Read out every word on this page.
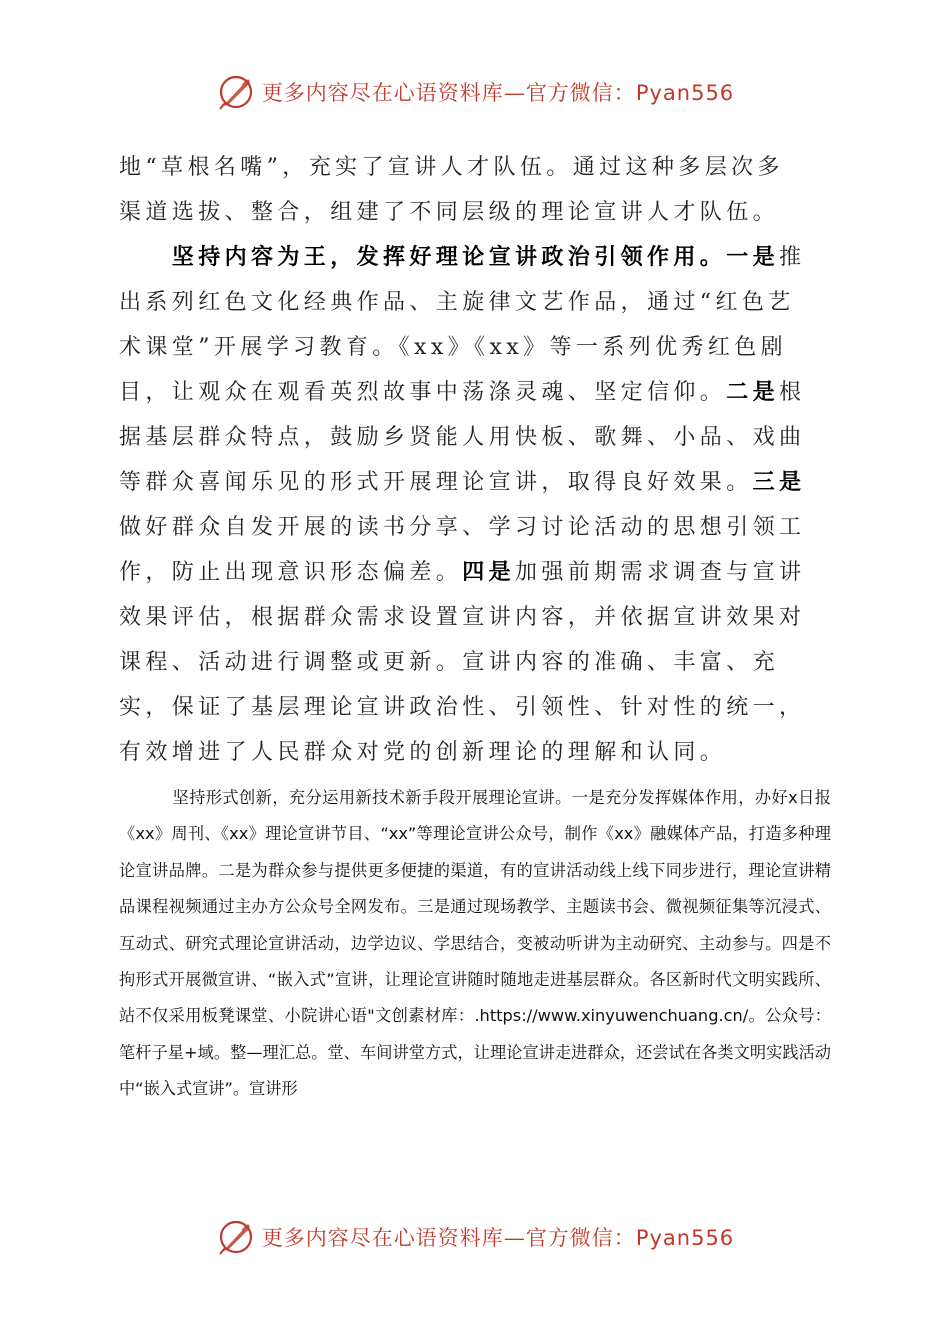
更多内容尽在心语资料库—官方微信：Pyan556

地“草根名嘴”，充实了宣讲人才队伍。通过这种多层次多渠道选拔、整合，组建了不同层级的理论宣讲人才队伍。

坚持内容为王，发挥好理论宣讲政治引领作用。一是推出系列红色文化经典作品、主旋律文艺作品，通过“红色艺术课堂”开展学习教育。《xx》《xx》等一系列优秀红色剧目，让观众在观看英烈故事中荡涤灵魂、坚定信仰。二是根据基层群众特点，鼓励乡贤能人用快板、歌舞、小品、戏曲等群众喜闻乐见的形式开展理论宣讲，取得良好效果。三是做好群众自发开展的读书分享、学习讨论活动的思想引领工作，防止出现意识形态偏差。四是加强前期需求调查与宣讲效果评估，根据群众需求设置宣讲内容，并依据宣讲效果对课程、活动进行调整或更新。宣讲内容的准确、丰富、充实，保证了基层理论宣讲政治性、引领性、针对性的统一，有效增进了人民群众对党的创新理论的理解和认同。

坚持形式创新，充分运用新技术新手段开展理论宣讲。一是充分发挥媒体作用，办好x日报《xx》周刊、《xx》理论宣讲节目、“xx”等理论宣讲公众号，制作《xx》融媒体产品，打造多种理论宣讲品牌。二是为群众参与提供更多便捷的渠道，有的宣讲活动线上线下同步进行，理论宣讲精品课程视频通过主办方公众号全网发布。三是通过现场教学、主题读书会、微视频征集等沉浸式、互动式、研究式理论宣讲活动，边学边议、学思结合，变被动听讲为主动研究、主动参与。四是不拘形式开展微宣讲、“嵌入式”宣讲，让理论宣讲随时随地走进基层群众。各区新时代文明实践所、站不仅采用板凳课堂、小院讲心语"文创素材库：.https://www.xinyuwenchuang.cn/。公众号：笔杆子星+域。整—理汇总。堂、车间讲堂方式，让理论宣讲走进群众，还尝试在各类文明实践活动中“嵌入式宣讲”。宣讲形

更多内容尽在心语资料库—官方微信：Pyan556
